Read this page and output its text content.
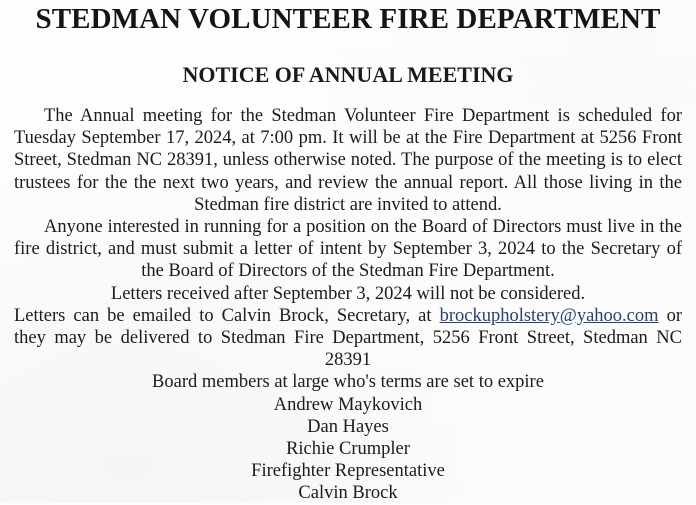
STEDMAN VOLUNTEER FIRE DEPARTMENT
NOTICE OF ANNUAL MEETING

The Annual meeting for the Stedman Volunteer Fire Department is scheduled for Tuesday September 17, 2024, at 7:00 pm. It will be at the Fire Department at 5256 Front Street, Stedman NC 28391, unless otherwise noted. The purpose of the meeting is to elect trustees for the the next two years, and review the annual report. All those living in the Stedman fire district are invited to attend.

Anyone interested in running for a position on the Board of Directors must live in the fire district, and must submit a letter of intent by September 3, 2024 to the Secretary of the Board of Directors of the Stedman Fire Department.

Letters received after September 3, 2024 will not be considered.

Letters can be emailed to Calvin Brock, Secretary, at brockupholstery@yahoo.com or they may be delivered to Stedman Fire Department, 5256 Front Street, Stedman NC 28391

Board members at large who's terms are set to expire

Andrew Maykovich
Dan Hayes
Richie Crumpler
Firefighter Representative
Calvin Brock
